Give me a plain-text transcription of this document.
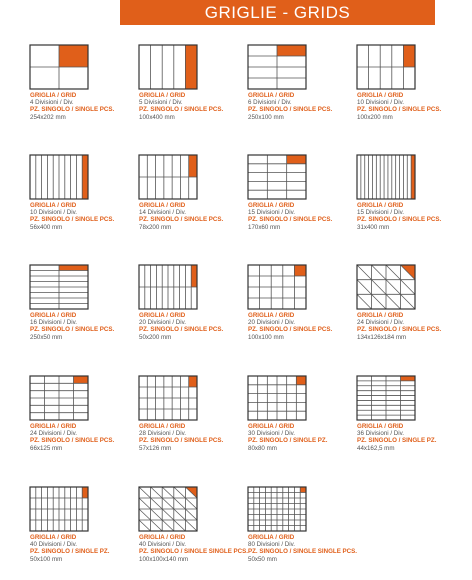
GRIGLIE - GRIDS
GRIGLIA / GRID
4 Divisioni / Div.
PZ. SINGOLO / SINGLE PCS.
254x202 mm
GRIGLIA / GRID
5 Divisioni / Div.
PZ. SINGOLO / SINGLE PCS.
100x400 mm
GRIGLIA / GRID
6 Divisioni / Div.
PZ. SINGOLO / SINGLE PCS.
250x100 mm
GRIGLIA / GRID
10 Divisioni / Div.
PZ. SINGOLO / SINGLE PCS.
100x200 mm
GRIGLIA / GRID
10 Divisioni / Div.
PZ. SINGOLO / SINGLE PCS.
56x400 mm
GRIGLIA / GRID
14 Divisioni / Div.
PZ. SINGOLO / SINGLE PCS.
78x200 mm
GRIGLIA / GRID
15 Divisioni / Div.
PZ. SINGOLO / SINGLE PCS.
170x60 mm
GRIGLIA / GRID
15 Divisioni / Div.
PZ. SINGOLO / SINGLE PCS.
31x400 mm
GRIGLIA / GRID
16 Divisioni / Div.
PZ. SINGOLO / SINGLE PCS.
250x50 mm
GRIGLIA / GRID
20 Divisioni / Div.
PZ. SINGOLO / SINGLE PCS.
50x200 mm
GRIGLIA / GRID
20 Divisioni / Div.
PZ. SINGOLO / SINGLE PCS.
100x100 mm
GRIGLIA / GRID
24 Divisioni / Div.
PZ. SINGOLO / SINGLE PCS.
134x126x184 mm
GRIGLIA / GRID
24 Divisioni / Div.
PZ. SINGOLO / SINGLE PCS.
66x125 mm
GRIGLIA / GRID
28 Divisioni / Div.
PZ. SINGOLO / SINGLE PCS.
57x126 mm
GRIGLIA / GRID
30 Divisioni / Div.
PZ. SINGOLO / SINGLE PZ.
80x80 mm
GRIGLIA / GRID
36 Divisioni / Div.
PZ. SINGOLO / SINGLE PZ.
44x162,5 mm
GRIGLIA / GRID
40 Divisioni / Div.
PZ. SINGOLO / SINGLE PZ.
50x100 mm
GRIGLIA / GRID
40 Divisioni / Div.
PZ. SINGOLO / SINGLE SINGLE PCS.
100x100x140 mm
GRIGLIA / GRID
80 Divisioni / Div.
PZ. SINGOLO / SINGLE SINGLE PCS.
50x50 mm
